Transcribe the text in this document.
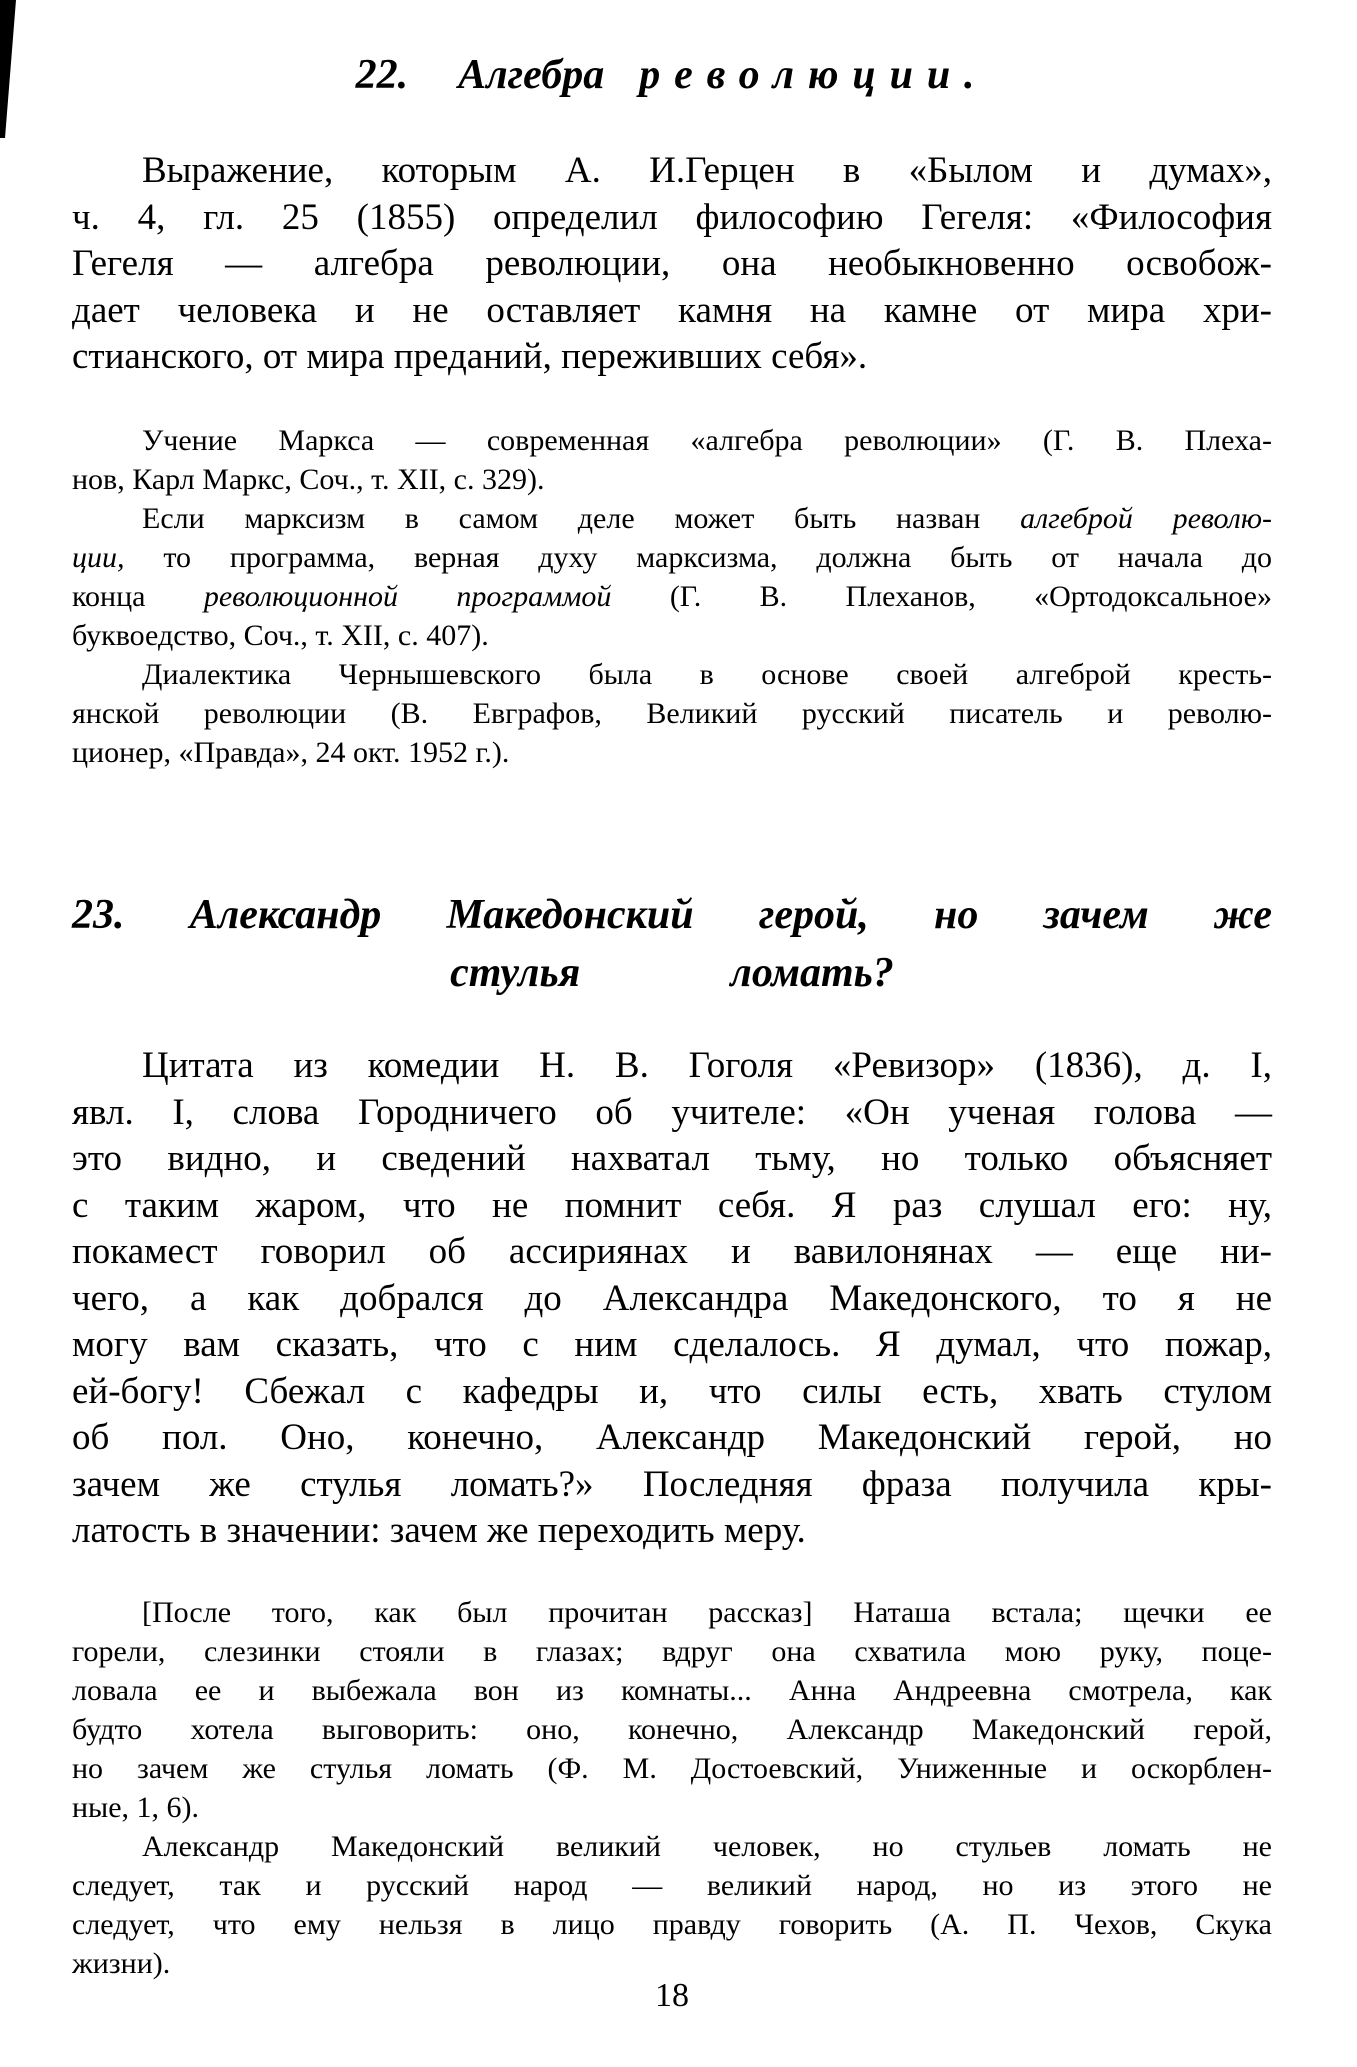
22. Алгебра революции.
Выражение, которым А. И.Герцен в «Былом и думах»,
ч. 4, гл. 25 (1855) определил философию Гегеля: «Философия
Гегеля — алгебра революции, она необыкновенно освобож-
дает человека и не оставляет камня на камне от мира хри-
стианского, от мира преданий, переживших себя».
Учение Маркса — современная «алгебра революции» (Г. В. Плеха-
нов, Карл Маркс, Соч., т. XII, с. 329).
Если марксизм в самом деле может быть назван алгеброй револю-
ции, то программа, верная духу марксизма, должна быть от начала до
конца революционной программой (Г. В. Плеханов, «Ортодоксальное»
буквоедство, Соч., т. XII, с. 407).
Диалектика Чернышевского была в основе своей алгеброй кресть-
янской революции (В. Евграфов, Великий русский писатель и револю-
ционер, «Правда», 24 окт. 1952 г.).
23. Александр Македонский герой, но зачем же
стулья	ломать?
Цитата из комедии Н. В. Гоголя «Ревизор» (1836), д. I,
явл. I, слова Городничего об учителе: «Он ученая голова —
это видно, и сведений нахватал тьму, но только объясняет
с таким жаром, что не помнит себя. Я раз слушал его: ну,
покамест говорил об ассириянах и вавилонянах — еще ни-
чего, а как добрался до Александра Македонского, то я не
могу вам сказать, что с ним сделалось. Я думал, что пожар,
ей-богу! Сбежал с кафедры и, что силы есть, хвать стулом
об пол. Оно, конечно, Александр Македонский герой, но
зачем же стулья ломать?» Последняя фраза получила кры-
латость в значении: зачем же переходить меру.
[После того, как был прочитан рассказ] Наташа встала; щечки ее
горели, слезинки стояли в глазах; вдруг она схватила мою руку, поце-
ловала ее и выбежала вон из комнаты... Анна Андреевна смотрела, как
будто хотела выговорить: оно, конечно, Александр Македонский герой,
но зачем же стулья ломать (Ф. М. Достоевский, Униженные и оскорблен-
ные, 1, 6).
Александр Македонский великий человек, но стульев ломать не
следует, так и русский народ — великий народ, но из этого не
следует, что ему нельзя в лицо правду говорить (А. П. Чехов, Скука
жизни).
18
